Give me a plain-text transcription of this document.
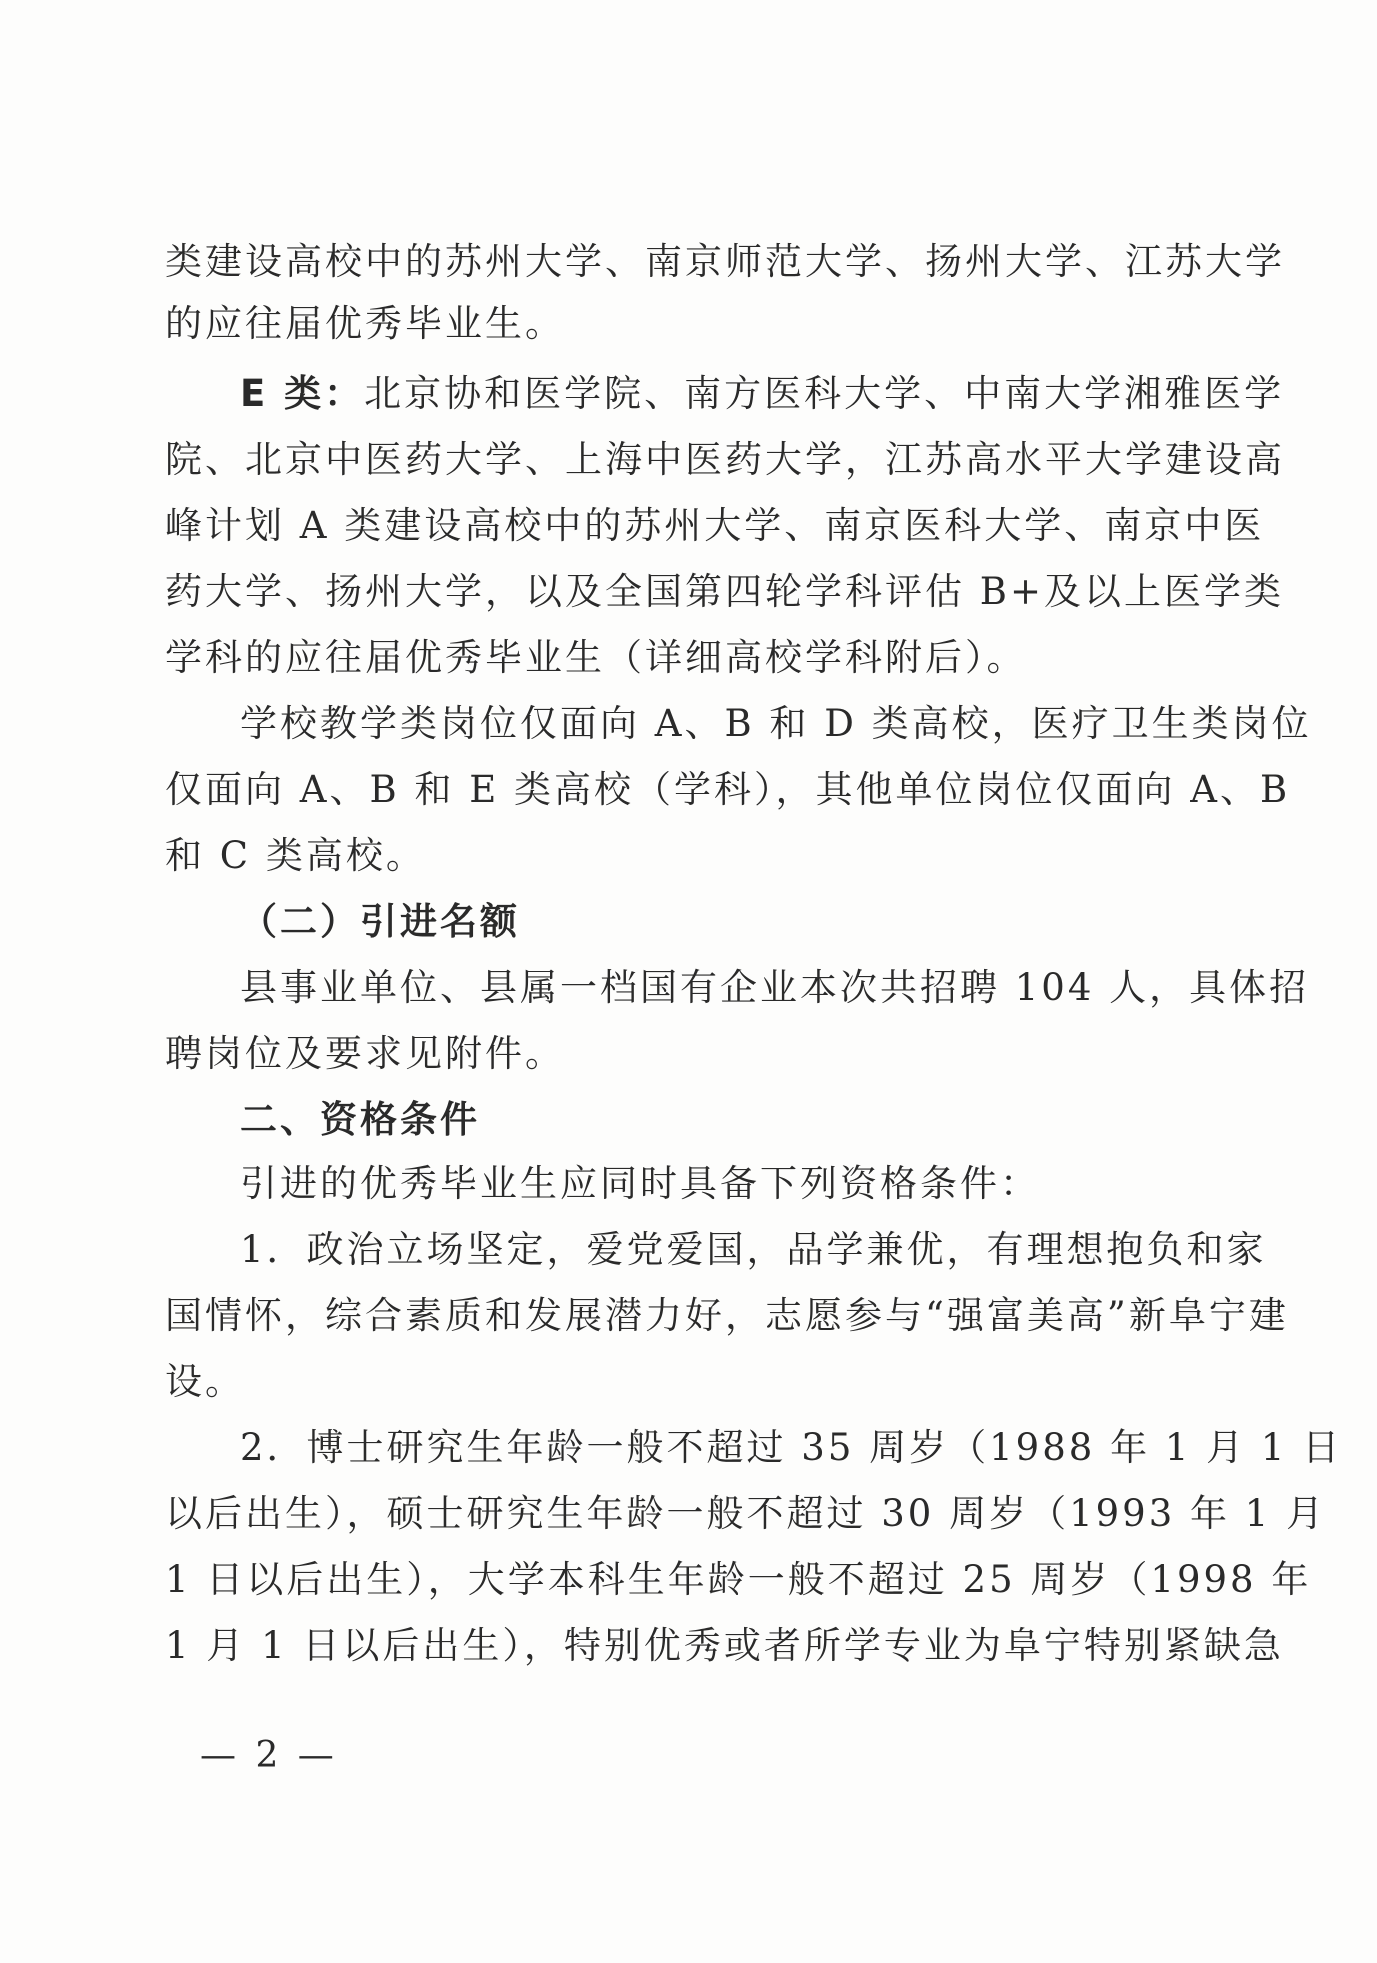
类建设高校中的苏州大学、南京师范大学、扬州大学、江苏大学
的应往届优秀毕业生。
E 类：北京协和医学院、南方医科大学、中南大学湘雅医学
院、北京中医药大学、上海中医药大学，江苏高水平大学建设高
峰计划 A 类建设高校中的苏州大学、南京医科大学、南京中医
药大学、扬州大学，以及全国第四轮学科评估 B+及以上医学类
学科的应往届优秀毕业生（详细高校学科附后）。
学校教学类岗位仅面向 A、B 和 D 类高校，医疗卫生类岗位
仅面向 A、B 和 E 类高校（学科），其他单位岗位仅面向 A、B
和 C 类高校。
（二）引进名额
县事业单位、县属一档国有企业本次共招聘 104 人，具体招
聘岗位及要求见附件。
二、资格条件
引进的优秀毕业生应同时具备下列资格条件：
1．政治立场坚定，爱党爱国，品学兼优，有理想抱负和家
国情怀，综合素质和发展潜力好，志愿参与“强富美高”新阜宁建
设。
2．博士研究生年龄一般不超过 35 周岁（1988 年 1 月 1 日
以后出生），硕士研究生年龄一般不超过 30 周岁（1993 年 1 月
1 日以后出生），大学本科生年龄一般不超过 25 周岁（1998 年
1 月 1 日以后出生），特别优秀或者所学专业为阜宁特别紧缺急
— 2 —
